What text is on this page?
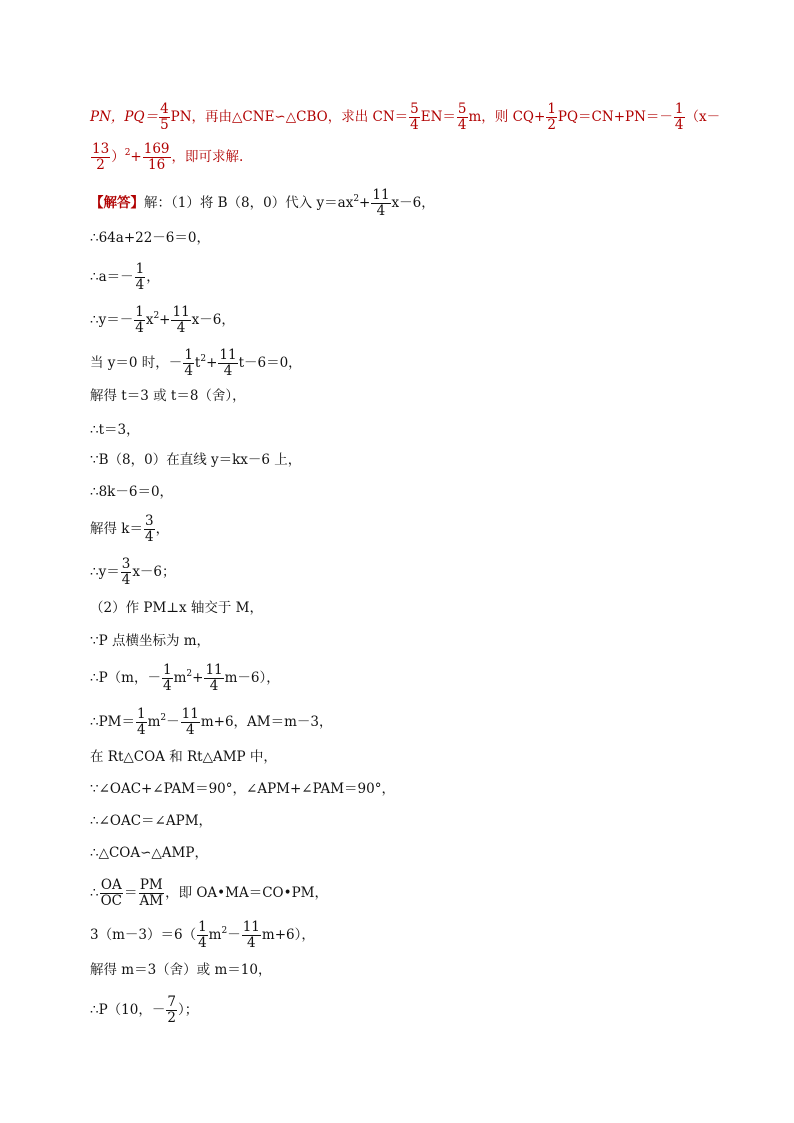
PN，$PQ= \frac{4}{5}$ PN，再由△CNE∽△CBO，求出 $CN= \frac{5}{4} EN= \frac{5}{4}$ m，则 $CQ+ \frac{1}{2} PQ=CN+PN=- \frac{1}{4} (x-$
$\frac{13}{2} )^2+ \frac{169}{16}$ ，即可求解.
【解答】解：（1）将 B（8，0）代入 $y=ax^2+ \frac{11}{4} x-6$，
∴64a+22－6＝0，
∴a＝－ $\frac{1}{4}$ ，
∴y＝－ $\frac{1}{4} x^2+ \frac{11}{4} x-6$，
当 y＝0 时，－ $\frac{1}{4} t^2+ \frac{11}{4} t-6=0$，
解得 t＝3 或 t＝8（舍），
∴t＝3，
∵B（8，0）在直线 y＝kx－6 上，
∴8k－6＝0，
解得 $k= \frac{3}{4}$ ，
∴y＝ $\frac{3}{4} x-6$；
（2）作 PM⊥x 轴交于 M，
∵P 点横坐标为 m，
∴P（m，－ $\frac{1}{4} m^2+ \frac{11}{4} m-6$），
∴PM＝ $\frac{1}{4} m^2- \frac{11}{4} m+6$，AM＝m－3，
在 Rt△COA 和 Rt△AMP 中，
∵∠OAC+∠PAM＝90°，∠APM+∠PAM＝90°，
∴∠OAC＝∠APM，
∴△COA∽△AMP，
∴ $\frac{OA}{OC} = \frac{PM}{AM}$ ，即 OA•MA＝CO•PM，
$3(m-3)=6( \frac{1}{4} m^2- \frac{11}{4} m+6)$，
解得 m＝3（舍）或 m＝10，
∴P（10，－ $\frac{7}{2}$ ）；
